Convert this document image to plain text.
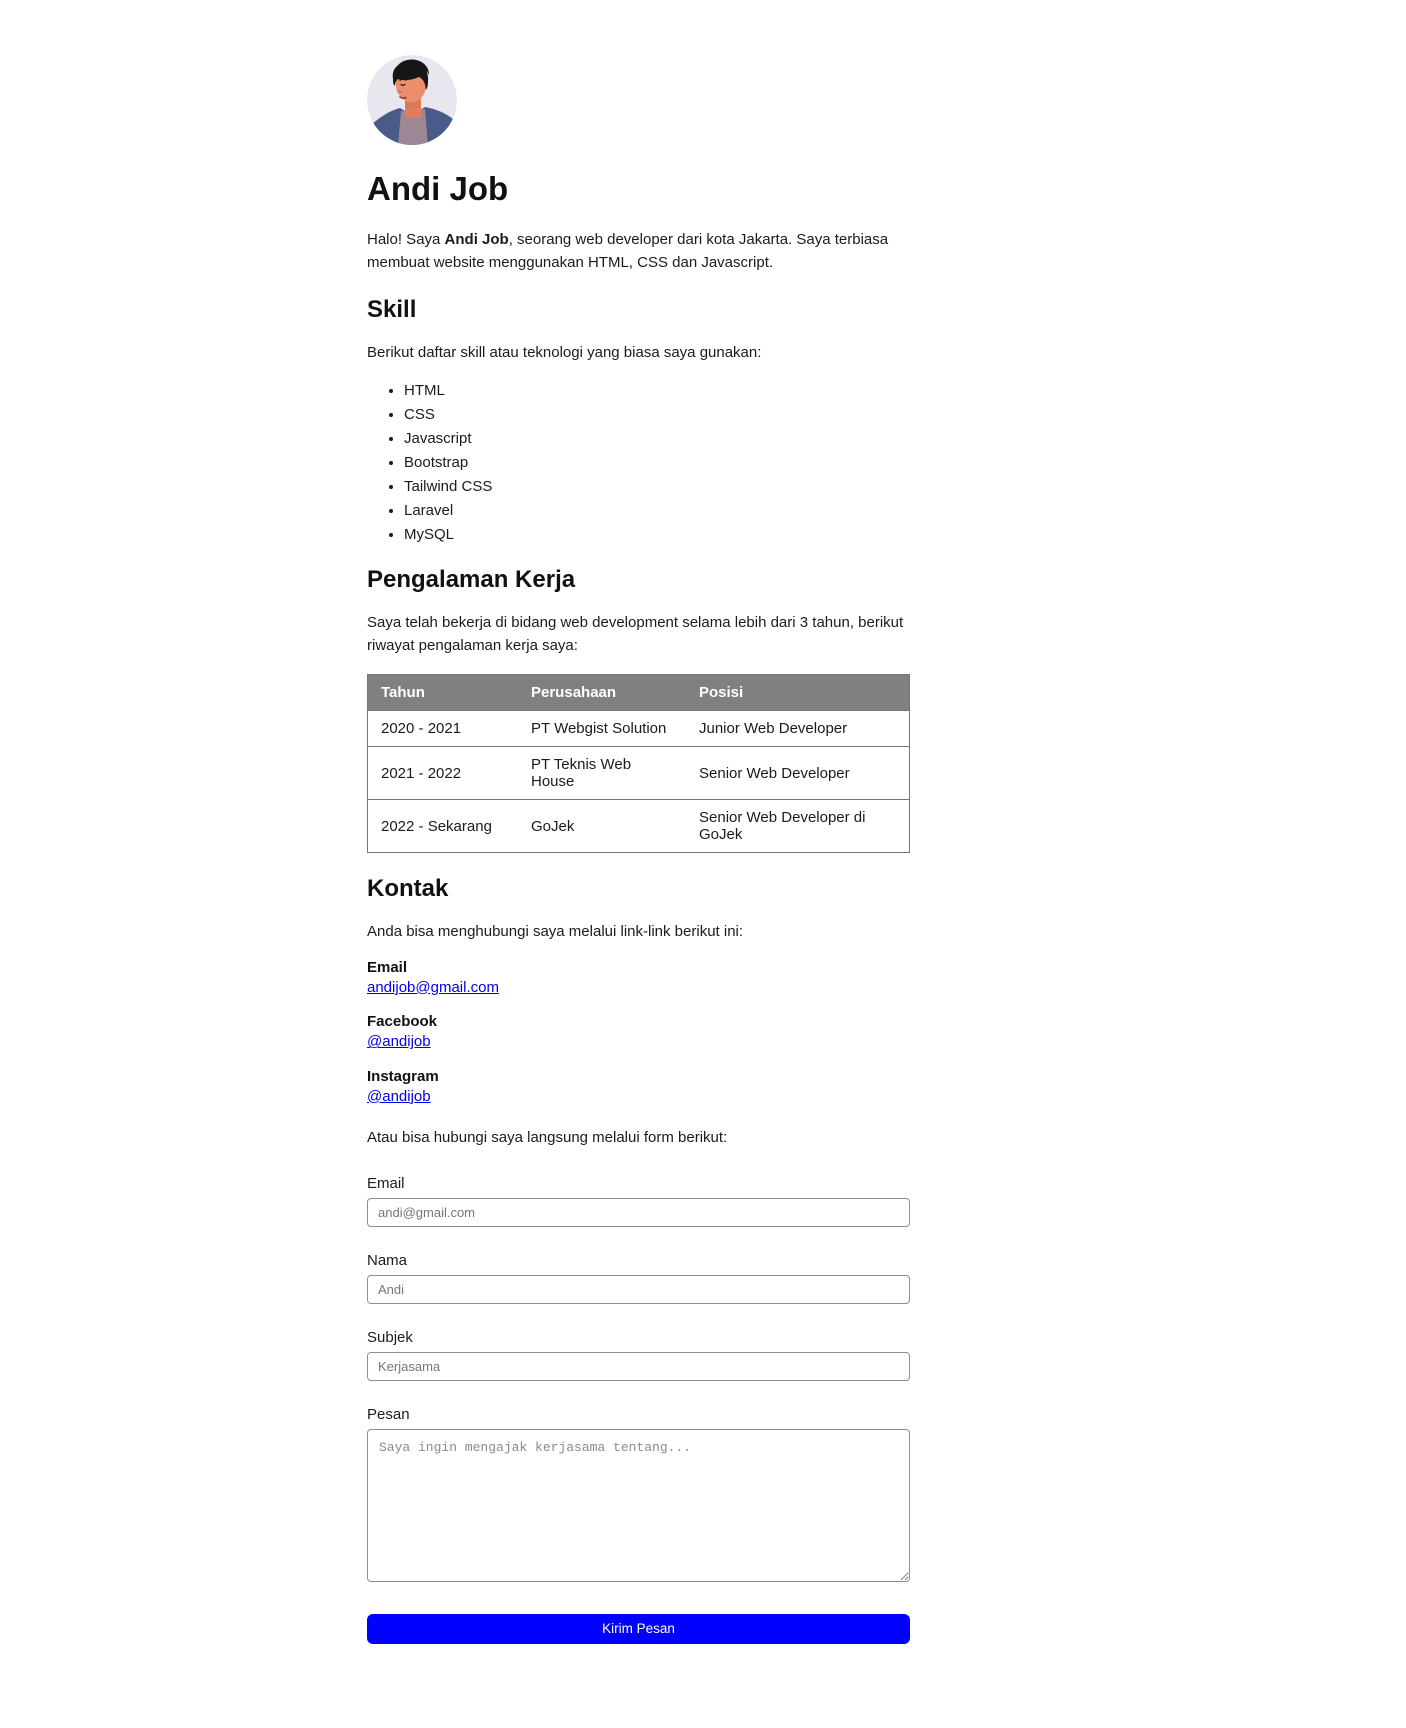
Andi Job

Halo! Saya Andi Job, seorang web developer dari kota Jakarta. Saya terbiasa membuat website menggunakan HTML, CSS dan Javascript.

Skill

Berikut daftar skill atau teknologi yang biasa saya gunakan:

• HTML
• CSS
• Javascript
• Bootstrap
• Tailwind CSS
• Laravel
• MySQL
Pengalaman Kerja

Saya telah bekerja di bidang web development selama lebih dari 3 tahun, berikut riwayat pengalaman kerja saya:

Tahun	Perusahaan	Posisi
2020 - 2021	PT Webgist Solution	Junior Web Developer
2021 - 2022	PT Teknis Web House	Senior Web Developer
2022 - Sekarang	GoJek	Senior Web Developer di GoJek
Kontak

Anda bisa menghubungi saya melalui link-link berikut ini:

Email
andijob@gmail.com
Facebook
@andijob
Instagram
@andijob

Atau bisa hubungi saya langsung melalui form berikut:

Email
andi@gmail.com
Nama
Andi
Subjek
Kerjasama
Pesan
Saya ingin mengajak kerjasama tentang...
Kirim Pesan
